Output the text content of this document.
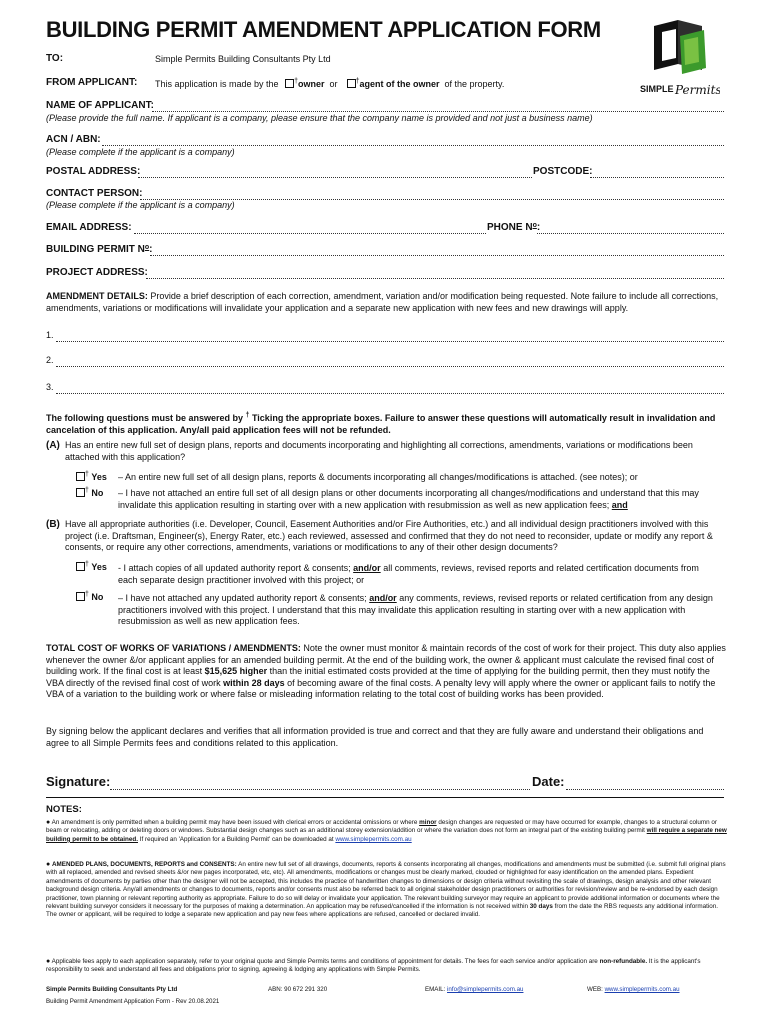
BUILDING PERMIT AMENDMENT APPLICATION FORM
SIMPLE Permits
TO:	Simple Permits Building Consultants Pty Ltd
FROM APPLICANT: This application is made by the †owner or	†agent of the owner of the property.
NAME OF APPLICANT:
(Please provide the full name. If applicant is a company, please ensure that the company name is provided and not just a business name)
ACN / ABN:
(Please complete if the applicant is a company)
POSTAL ADDRESS:	POSTCODE:
CONTACT PERSON:
(Please complete if the applicant is a company)
EMAIL ADDRESS:	PHONE $N^o$:
BUILDING PERMIT $N^o$:
PROJECT ADDRESS:
AMENDMENT DETAILS: Provide a brief description of each correction, amendment, variation and/or modification being requested. Note failure to include all corrections, amendments, variations or modifications will invalidate your application and a separate new application with new fees and new drawings will apply.
1.
2.
3.
The following questions must be answered by † Ticking the appropriate boxes. Failure to answer these questions will automatically result in invalidation and cancelation of this application. Any/all paid application fees will not be refunded.
(A) Has an entire new full set of design plans, reports and documents incorporating and highlighting all corrections, amendments, variations or modifications been attached with this application?
† Yes – An entire new full set of all design plans, reports & documents incorporating all changes/modifications is attached. (see notes); or
† No – I have not attached an entire full set of all design plans or other documents incorporating all changes/modifications and understand that this may invalidate this application resulting in starting over with a new application with resubmission as well as new application fees; and
(B) Have all appropriate authorities (i.e. Developer, Council, Easement Authorities and/or Fire Authorities, etc.) and all individual design practitioners involved with this project (i.e. Draftsman, Engineer(s), Energy Rater, etc.) each reviewed, assessed and confirmed that they do not need to reconsider, update or modify any report & consents, or require any other corrections, amendments, variations or modifications to any of their other design documents?
† Yes - I attach copies of all updated authority report & consents; and/or all comments, reviews, revised reports and related certification documents from each separate design practitioner involved with this project; or
† No – I have not attached any updated authority report & consents; and/or any comments, reviews, revised reports or related certification from any design practitioners involved with this project. I understand that this may invalidate this application resulting in starting over with a new application with resubmission as well as new application fees.
TOTAL COST OF WORKS OF VARIATIONS / AMENDMENTS: Note the owner must monitor & maintain records of the cost of work for their project. This duty also applies whenever the owner &/or applicant applies for an amended building permit. At the end of the building work, the owner & applicant must calculate the revised final cost of building work. If the final cost is at least $15,625 higher than the initial estimated costs provided at the time of applying for the building permit, then they must notify the VBA directly of the revised final cost of work within 28 days of becoming aware of the final costs. A penalty levy will apply where the owner or applicant fails to notify the VBA of a variation to the building work or where false or misleading information relating to the total cost of building works has been provided.
By signing below the applicant declares and verifies that all information provided is true and correct and that they are fully aware and understand their obligations and agree to all Simple Permits fees and conditions related to this application.
Signature:	Date:
NOTES:
● An amendment is only permitted when a building permit may have been issued with clerical errors or accidental omissions or where minor design changes are requested or may have occurred for example, changes to a structural column or beam or relocating, adding or deleting doors or windows. Substantial design changes such as an additional storey extension/addition or where the variation does not form an integral part of the existing building permit will require a separate new building permit to be obtained. If required an 'Application for a Building Permit' can be downloaded at www.simplepermits.com.au
● AMENDED PLANS, DOCUMENTS, REPORTS and CONSENTS: An entire new full set of all drawings, documents, reports & consents incorporating all changes, modifications and amendments must be submitted (i.e. submit full original plans with all replaced, amended and revised sheets &/or new pages incorporated, etc, etc). All amendments, modifications or changes must be clearly marked, clouded or highlighted for easy identification on the amended plans. Expedient amendments of documents by parties other than the designer will not be accepted, this includes the practice of handwritten changes to dimensions or design criteria without revisiting the scale of drawings, design analysis and other relevant background design criteria. Any/all amendments or changes to documents, reports and/or consents must also be referred back to all original stakeholder design practitioners or authorities for revision/review and be re-endorsed by each design practitioner, town planning or relevant reporting authority as appropriate. Failure to do so will delay or invalidate your application. The relevant building surveyor may require an applicant to provide additional information or documents where the relevant building surveyor considers it necessary for the purposes of making a determination. An application may be refused/cancelled if the information is not received within 30 days from the date the RBS requests any additional information. The owner or applicant, will be required to lodge a separate new application and pay new fees where applications are refused, cancelled or declared invalid.
● Applicable fees apply to each application separately, refer to your original quote and Simple Permits terms and conditions of appointment for details. The fees for each service and/or application are non-refundable. It is the applicant's responsibility to seek and understand all fees and obligations prior to signing, agreeing & lodging any applications with Simple Permits.
Simple Permits Building Consultants Pty Ltd	ABN: 90 672 291 320	EMAIL: info@simplepermits.com.au	WEB: www.simplepermits.com.au
Building Permit Amendment Application Form - Rev 20.08.2021
